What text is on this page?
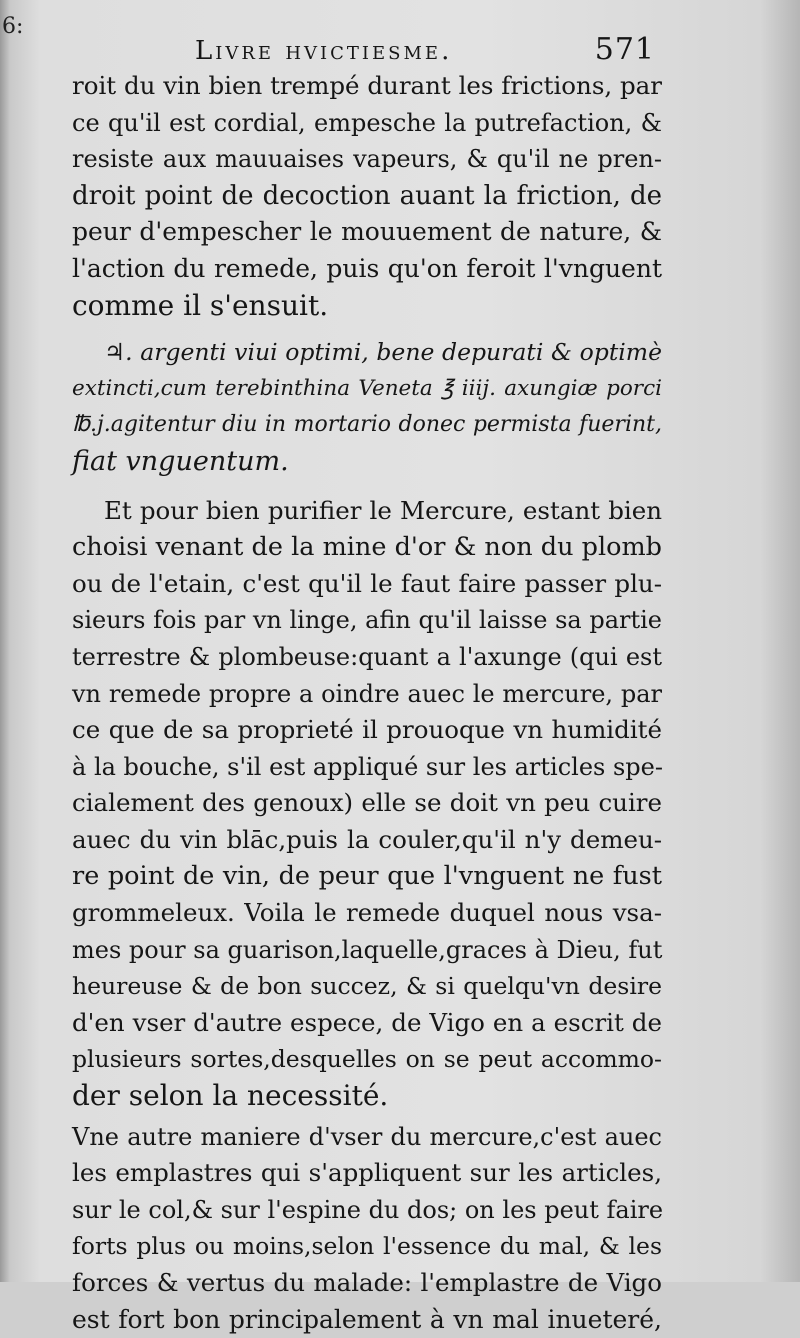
6:
Livre hvictiesme.	571
roit du vin bien trempé durant les frictions, par
ce qu'il est cordial, empesche la putrefaction, &
resiste aux mauuaises vapeurs, & qu'il ne pren-
droit point de decoction auant la friction, de
peur d'empescher le mouuement de nature, &
l'action du remede, puis qu'on feroit l'vnguent
comme il s'ensuit.
♃. argenti viui optimi, bene depurati & optimè
extincti,cum terebinthina Veneta ℥ iiij. axungiæ porci
℔.j.agitentur diu in mortario donec permista fuerint,
fiat vnguentum.
Et pour bien purifier le Mercure, estant bien
choisi venant de la mine d'or & non du plomb
ou de l'etain, c'est qu'il le faut faire passer plu-
sieurs fois par vn linge, afin qu'il laisse sa partie
terrestre & plombeuse:quant a l'axunge (qui est
vn remede propre a oindre auec le mercure, par
ce que de sa proprieté il prouoque vn humidité
à la bouche, s'il est appliqué sur les articles spe-
cialement des genoux) elle se doit vn peu cuire
auec du vin blāc,puis la couler,qu'il n'y demeu-
re point de vin, de peur que l'vnguent ne fust
grommeleux. Voila le remede duquel nous vsa-
mes pour sa guarison,laquelle,graces à Dieu, fut
heureuse & de bon succez, & si quelqu'vn desire
d'en vser d'autre espece, de Vigo en a escrit de
plusieurs sortes,desquelles on se peut accommo-
der selon la necessité.
Vne autre maniere d'vser du mercure,c'est auec
les emplastres qui s'appliquent sur les articles,
sur le col,& sur l'espine du dos; on les peut faire
forts plus ou moins,selon l'essence du mal, & les
forces & vertus du malade: l'emplastre de Vigo
est fort bon principalement à vn mal inueteré,
